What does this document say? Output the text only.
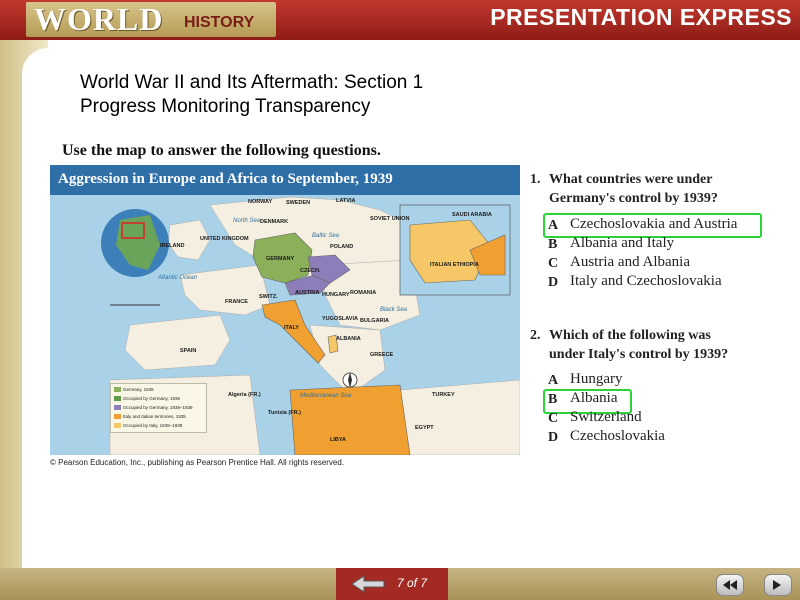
WORLD HISTORY	PRESENTATION EXPRESS
World War II and Its Aftermath: Section 1
Progress Monitoring Transparency
Use the map to answer the following questions.
Aggression in Europe and Africa to September, 1939
SWEDEN
NORWAY	LATVIA
SOVIET UNION
DENMARK
UNITED KINGDOM
IRELAND
GERMANY
POLAND
FRANCE
SWITZ.
AUSTRIA
CZECH.
HUNGARY ROMANIA
ITALY
YUGOSLAVIA BULGARIA
SPAIN
ALBANIA
GREECE
TURKEY
Algeria (FR.)
Tunisia (FR.)
LIBYA
EGYPT
ITALIAN ETHIOPIA
SAUDI ARABIA
North Sea
Atlantic Ocean
Black Sea
Mediterranean Sea
Baltic Sea
Germany, 1935
Occupied by Germany, 1936
Occupied by Germany, 1938–1939
Italy and Italian territories, 1935
Occupied by Italy, 1935–1939
© Pearson Education, Inc., publishing as Pearson Prentice Hall. All rights reserved.
1. What countries were under
Germany's control by 1939?
A Czechoslovakia and Austria
B Albania and Italy
C Austria and Albania
D Italy and Czechoslovakia
2. Which of the following was
under Italy's control by 1939?
A Hungary
B Albania
C Switzerland
D Czechoslovakia
7 of 7
